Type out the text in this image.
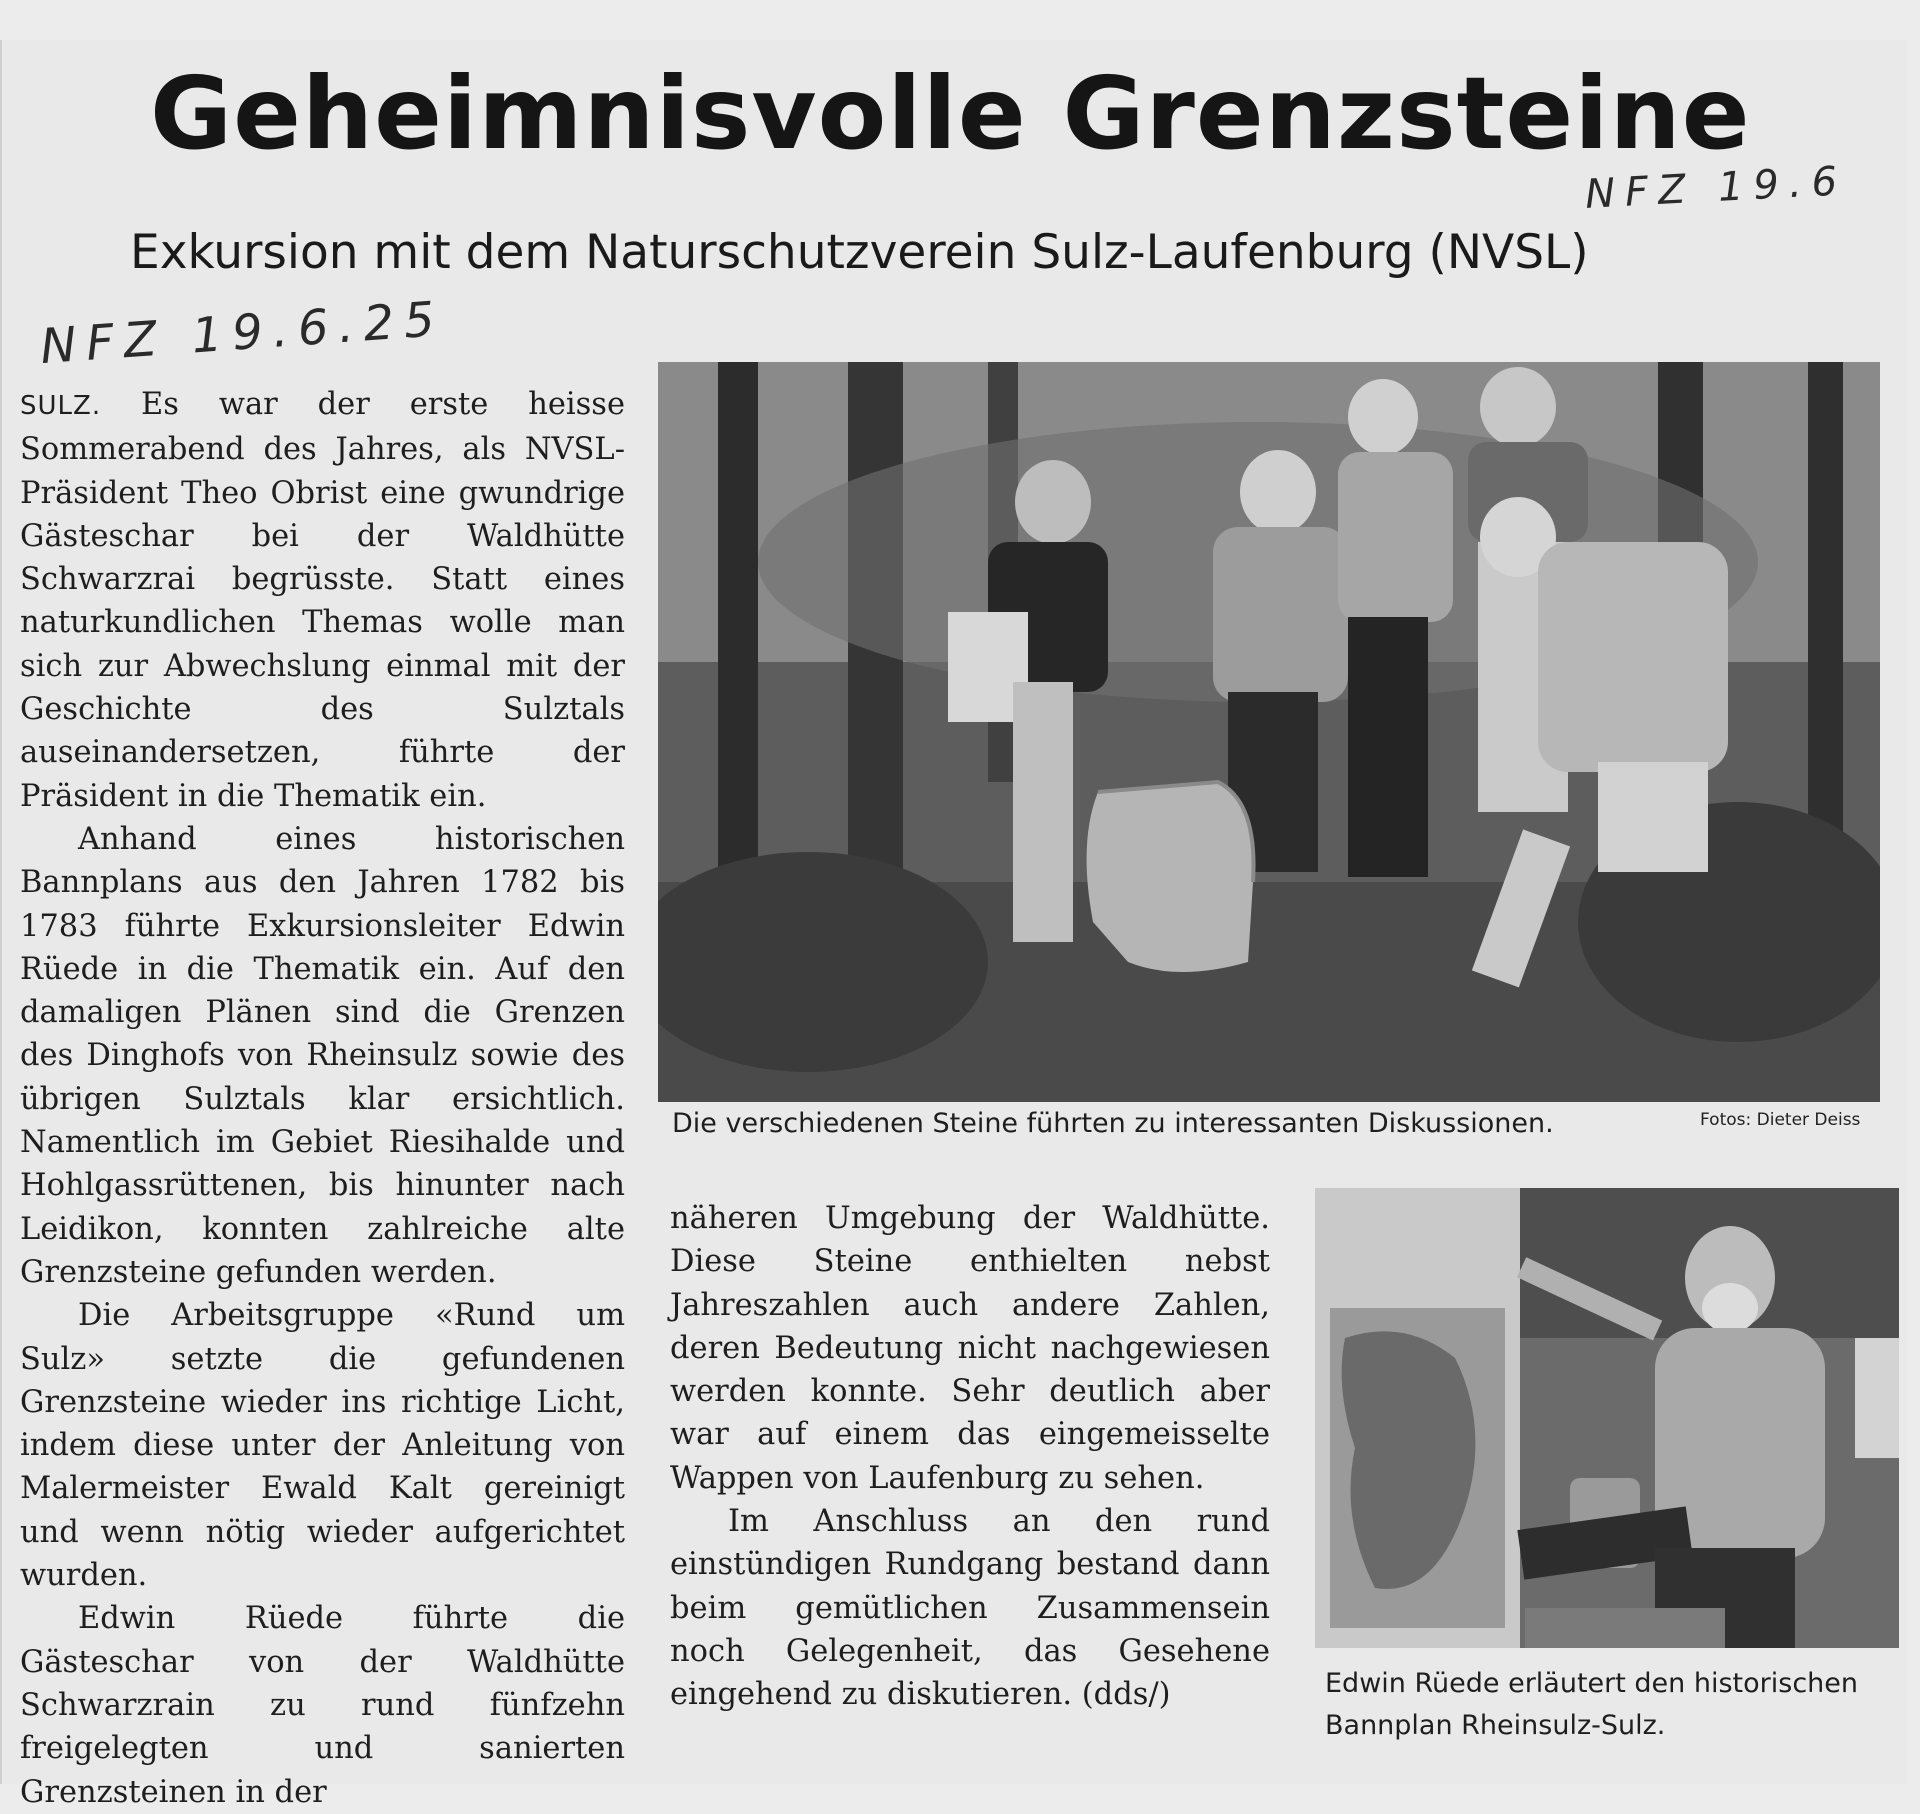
Geheimnisvolle Grenzsteine
Exkursion mit dem Naturschutzverein Sulz-Laufenburg (NVSL)
NFZ 19.6.25
NFZ 19.6

SULZ. Es war der erste heisse Sommerabend des Jahres, als NVSL-Präsident Theo Obrist eine gwundrige Gästeschar bei der Waldhütte Schwarzrai begrüsste. Statt eines naturkundlichen Themas wolle man sich zur Abwechslung einmal mit der Geschichte des Sulztals auseinandersetzen, führte der Präsident in die Thematik ein.

Anhand eines historischen Bannplans aus den Jahren 1782 bis 1783 führte Exkursionsleiter Edwin Rüede in die Thematik ein. Auf den damaligen Plänen sind die Grenzen des Dinghofs von Rheinsulz sowie des übrigen Sulztals klar ersichtlich. Namentlich im Gebiet Riesihalde und Hohlgassrüttenen, bis hinunter nach Leidikon, konnten zahlreiche alte Grenzsteine gefunden werden.

Die Arbeitsgruppe «Rund um Sulz» setzte die gefundenen Grenzsteine wieder ins richtige Licht, indem diese unter der Anleitung von Malermeister Ewald Kalt gereinigt und wenn nötig wieder aufgerichtet wurden.

Edwin Rüede führte die Gästeschar von der Waldhütte Schwarzrain zu rund fünfzehn freigelegten und sanierten Grenzsteinen in der

näheren Umgebung der Waldhütte. Diese Steine enthielten nebst Jahreszahlen auch andere Zahlen, deren Bedeutung nicht nachgewiesen werden konnte. Sehr deutlich aber war auf einem das eingemeisselte Wappen von Laufenburg zu sehen.

Im Anschluss an den rund einstündigen Rundgang bestand dann beim gemütlichen Zusammensein noch Gelegenheit, das Gesehene eingehend zu diskutieren. (dds/)

Die verschiedenen Steine führten zu interessanten Diskussionen.	Fotos: Dieter Deiss
Edwin Rüede erläutert den historischen Bannplan Rheinsulz-Sulz.
